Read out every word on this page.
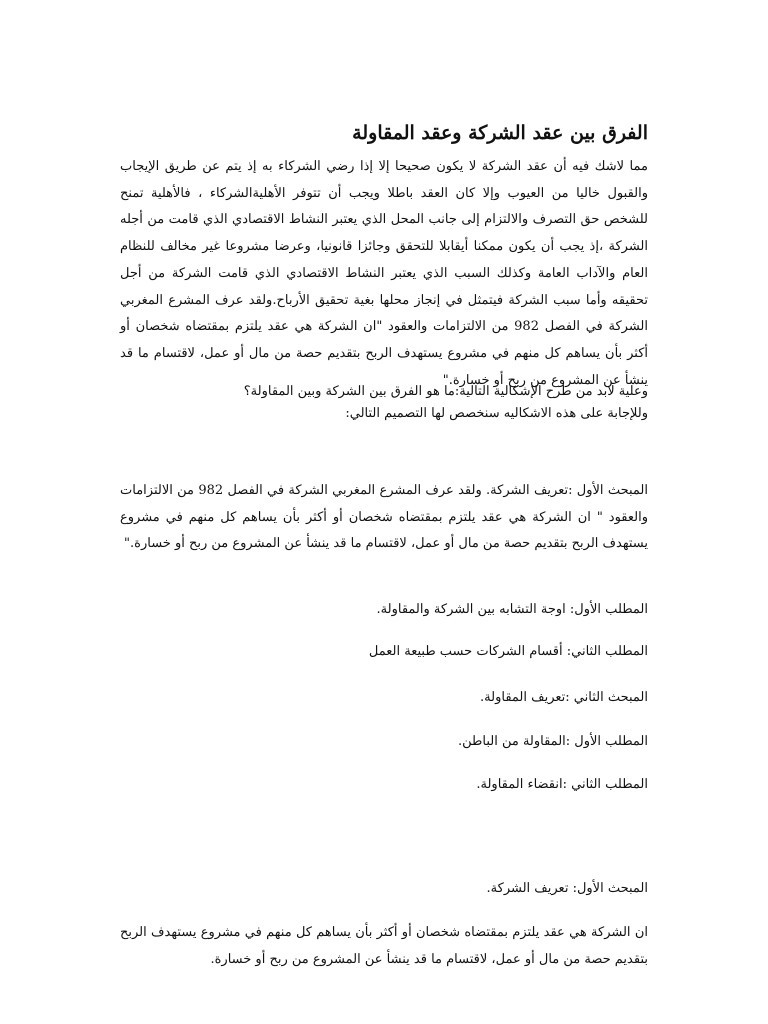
الفرق بين عقد الشركة وعقد المقاولة

مما لاشك فيه أن عقد الشركة لا يكون صحيحا إلا إذا رضي الشركاء به إذ يتم عن طريق الإيجاب والقبول خاليا من العيوب وإلا كان العقد باطلا ويجب أن تتوفر الأهليةالشركاء ، فالأهلية تمنح للشخص حق التصرف والالتزام إلى جانب المحل الذي يعتبر النشاط الاقتصادي الذي قامت من أجله الشركة ،إذ يجب أن يكون ممكنا أيقابلا للتحقق وجائزا قانونيا، وعرضا مشروعا غير مخالف للنظام العام والآداب العامة وكذلك السبب الذي يعتبر النشاط الاقتصادي الذي قامت الشركة من أجل تحقيقه وأما سبب الشركة فيتمثل في إنجاز محلها بغية تحقيق الأرباح.ولقد عرف المشرع المغربي الشركة في الفصل 982 من الالتزامات والعقود "ان الشركة هي عقد يلتزم بمقتضاه شخصان أو أكثر بأن يساهم كل منهم في مشروع يستهدف الربح بتقديم حصة من مال أو عمل، لاقتسام ما قد ينشأ عن المشروع من ربح أو خسارة."

وعلية لابد من طرح الإشكالية التالية:ما هو الفرق بين الشركة وبين المقاولة؟

وللإجابة على هذه الاشكاليه سنخصص لها التصميم التالي:

المبحث الأول :تعريف الشركة. ولقد عرف المشرع المغربي الشركة في الفصل 982 من الالتزامات والعقود " ان الشركة هي عقد يلتزم بمقتضاه شخصان أو أكثر بأن يساهم كل منهم في مشروع يستهدف الربح بتقديم حصة من مال أو عمل، لاقتسام ما قد ينشأ عن المشروع من ربح أو خسارة."

المطلب الأول: اوجة التشابه بين الشركة والمقاولة.

المطلب الثاني: أقسام الشركات حسب طبيعة العمل

المبحث الثاني :تعريف المقاولة.

المطلب الأول :المقاولة من الباطن.

المطلب الثاني :انقضاء المقاولة.

المبحث الأول: تعريف الشركة.

ان الشركة هي عقد يلتزم بمقتضاه شخصان أو أكثر بأن يساهم كل منهم في مشروع يستهدف الربح بتقديم حصة من مال أو عمل، لاقتسام ما قد ينشأ عن المشروع من ربح أو خسارة.
